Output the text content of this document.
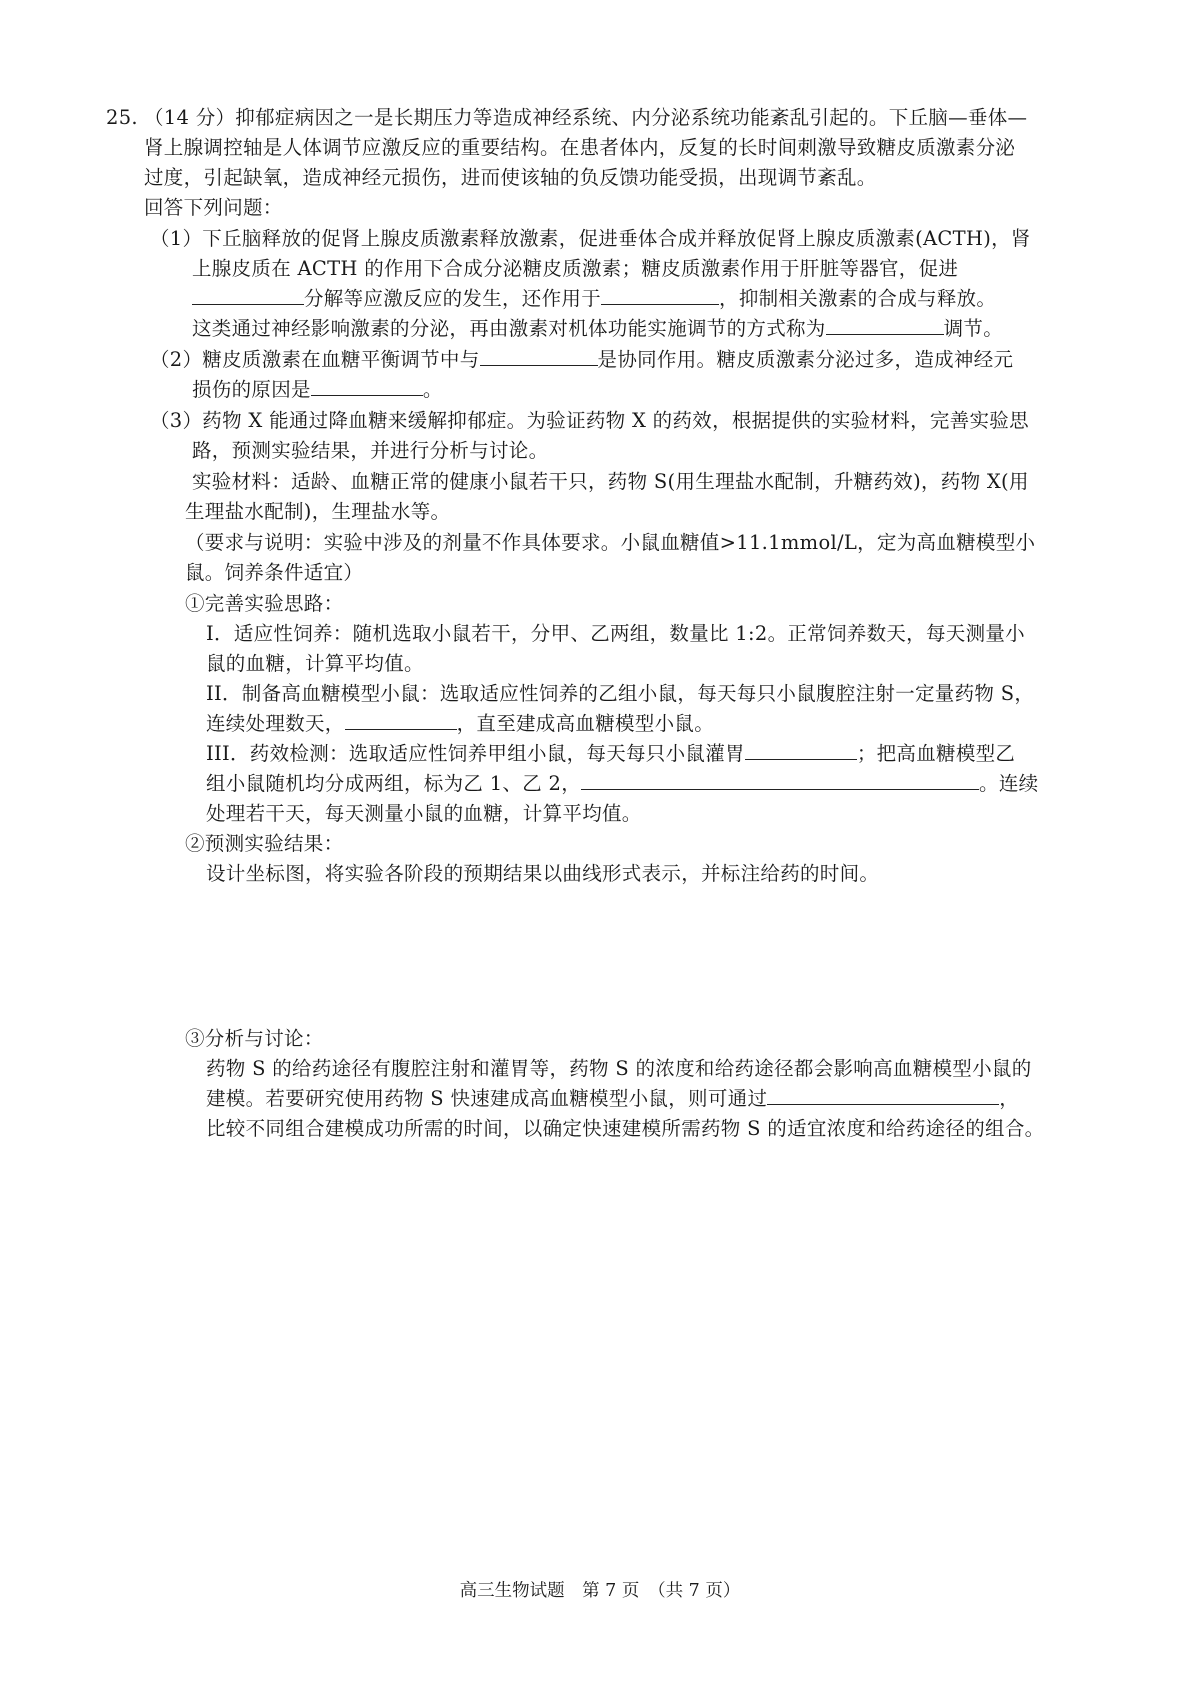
25. （14 分）抑郁症病因之一是长期压力等造成神经系统、内分泌系统功能紊乱引起的。下丘脑—垂体—
肾上腺调控轴是人体调节应激反应的重要结构。在患者体内，反复的长时间刺激导致糖皮质激素分泌
过度，引起缺氧，造成神经元损伤，进而使该轴的负反馈功能受损，出现调节紊乱。
回答下列问题：
（1）下丘脑释放的促肾上腺皮质激素释放激素，促进垂体合成并释放促肾上腺皮质激素(ACTH)，肾
上腺皮质在 ACTH 的作用下合成分泌糖皮质激素；糖皮质激素作用于肝脏等器官，促进
分解等应激反应的发生，还作用于	，抑制相关激素的合成与释放。
这类通过神经影响激素的分泌，再由激素对机体功能实施调节的方式称为	调节。
（2）糖皮质激素在血糖平衡调节中与	是协同作用。糖皮质激素分泌过多，造成神经元
损伤的原因是	。
（3）药物 X 能通过降血糖来缓解抑郁症。为验证药物 X 的药效，根据提供的实验材料，完善实验思
路，预测实验结果，并进行分析与讨论。
实验材料：适龄、血糖正常的健康小鼠若干只，药物 S(用生理盐水配制，升糖药效)，药物 X(用
生理盐水配制)，生理盐水等。
（要求与说明：实验中涉及的剂量不作具体要求。小鼠血糖值>11.1mmol/L，定为高血糖模型小
鼠。饲养条件适宜）
①完善实验思路：
I．适应性饲养：随机选取小鼠若干，分甲、乙两组，数量比 1:2。正常饲养数天，每天测量小
鼠的血糖，计算平均值。
II．制备高血糖模型小鼠：选取适应性饲养的乙组小鼠，每天每只小鼠腹腔注射一定量药物 S，
连续处理数天，	，直至建成高血糖模型小鼠。
III．药效检测：选取适应性饲养甲组小鼠，每天每只小鼠灌胃	；把高血糖模型乙
组小鼠随机均分成两组，标为乙 1、乙 2，	。连续
处理若干天，每天测量小鼠的血糖，计算平均值。
②预测实验结果：
设计坐标图，将实验各阶段的预期结果以曲线形式表示，并标注给药的时间。
③分析与讨论：
药物 S 的给药途径有腹腔注射和灌胃等，药物 S 的浓度和给药途径都会影响高血糖模型小鼠的
建模。若要研究使用药物 S 快速建成高血糖模型小鼠，则可通过	，
比较不同组合建模成功所需的时间，以确定快速建模所需药物 S 的适宜浓度和给药途径的组合。
高三生物试题　第 7 页　（共 7 页）
